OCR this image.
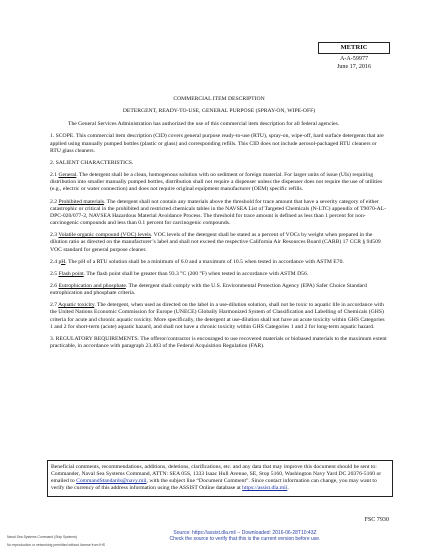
METRIC
A-A-59977
June 17, 2016

COMMERCIAL ITEM DESCRIPTION

DETERGENT, READY-TO-USE, GENERAL PURPOSE (SPRAY-ON, WIPE-OFF)

The General Services Administration has authorized the use of this commercial item description for all federal agencies.

1. SCOPE. This commercial item description (CID) covers general purpose ready-to-use (RTU), spray-on, wipe-off, hard surface detergents that are applied using manually pumped bottles (plastic or glass) and corresponding refills. This CID does not include aerosol-packaged RTU cleaners or RTU glass cleaners.

2. SALIENT CHARACTERISTICS.

2.1 General. The detergent shall be a clean, homogenous solution with no sediment or foreign material. For larger units of issue (UIs) requiring distribution into smaller manually pumped bottles, distribution shall not require a dispenser unless the dispenser does not require the use of utilities (e.g., electric or water connection) and does not require original equipment manufacturer (OEM) specific refills.

2.2 Prohibited materials. The detergent shall not contain any materials above the threshold for trace amount that have a severity category of either catastrophic or critical in the prohibited and restricted chemicals tables in the NAVSEA List of Targeted Chemicals (N-LTC) appendix of T9070-AL-DPC-020/077-2, NAVSEA Hazardous Material Avoidance Process. The threshold for trace amount is defined as less than 1 percent for non-carcinogenic compounds and less than 0.1 percent for carcinogenic compounds.

2.3 Volatile organic compound (VOC) levels. VOC levels of the detergent shall be stated as a percent of VOCs by weight when prepared in the dilution ratio as directed on the manufacturer’s label and shall not exceed the respective California Air Resources Board (CARB) 17 CCR § 94509 VOC standard for general purpose cleaner.

2.4 pH. The pH of a RTU solution shall be a minimum of 6.0 and a maximum of 10.5 when tested in accordance with ASTM E70.

2.5 Flash point. The flash point shall be greater than 93.3 °C (200 °F) when tested in accordance with ASTM D56.

2.6 Eutrophication and phosphate. The detergent shall comply with the U.S. Environmental Protection Agency (EPA) Safer Choice Standard eutrophication and phosphate criteria.

2.7 Aquatic toxicity. The detergent, when used as directed on the label in a use-dilution solution, shall not be toxic to aquatic life in accordance with the United Nations Economic Commission for Europe (UNECE) Globally Harmonized System of Classification and Labelling of Chemicals (GHS) criteria for acute and chronic aquatic toxicity. More specifically, the detergent at use-dilution shall not have an acute toxicity within GHS Categories 1 and 2 for short-term (acute) aquatic hazard, and shall not have a chronic toxicity within GHS Categories 1 and 2 for long-term aquatic hazard.

3. REGULATORY REQUIREMENTS. The offeror/contractor is encouraged to use recovered materials or biobased materials to the maximum extent practicable, in accordance with paragraph 23.403 of the Federal Acquisition Regulation (FAR).

Beneficial comments, recommendations, additions, deletions, clarifications, etc. and any data that may improve this document should be sent to: Commander, Naval Sea Systems Command, ATTN: SEA 05S, 1333 Isaac Hull Avenue, SE, Stop 5160, Washington Navy Yard DC 20376-5160 or emailed to CommandStandards@navy.mil, with the subject line “Document Comment”. Since contact information can change, you may want to verify the currency of this address information using the ASSIST Online database at https://assist.dla.mil.
FSC 7930
Naval Sea Systems Command (Ship Systems)
No reproduction or networking permitted without license from IHS
Source: https://assist.dla.mil -- Downloaded: 2016-06-28T10:43Z
Check the source to verify that this is the current version before use.
